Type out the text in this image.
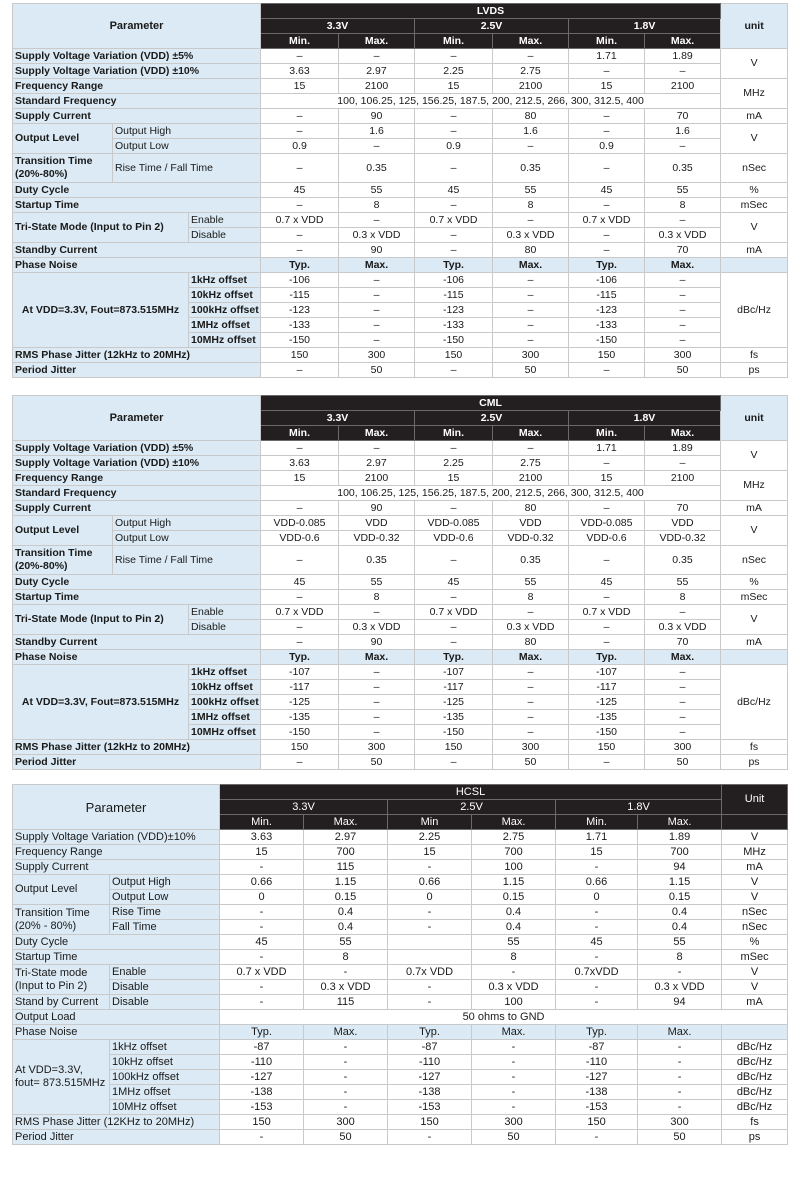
Parameter			LVDS						unit
			3.3V		2.5V		1.8V		
			Min.	Max.	Min.	Max.	Min.	Max.	
Supply Voltage Variation (VDD) ±5%			–	–	–	–	1.71	1.89	V
Supply Voltage Variation (VDD) ±10%			3.63	2.97	2.25	2.75	–	–	
Frequency Range			15	2100	15	2100	15	2100	MHz
Standard Frequency			100, 106.25, 125, 156.25, 187.5, 200, 212.5, 266, 300, 312.5, 400						
Supply Current			–	90	–	80	–	70	mA
Output Level	Output High		–	1.6	–	1.6	–	1.6	V
	Output Low		0.9	–	0.9	–	0.9	–	
Transition Time (20%-80%)	Rise Time / Fall Time		–	0.35	–	0.35	–	0.35	nSec
Duty Cycle			45	55	45	55	45	55	%
Startup Time			–	8	–	8	–	8	mSec
Tri-State Mode (Input to Pin 2)		Enable	0.7 x VDD	–	0.7 x VDD	–	0.7 x VDD	–	V
		Disable	–	0.3 x VDD	–	0.3 x VDD	–	0.3 x VDD	
Standby Current			–	90	–	80	–	70	mA
Phase Noise			Typ.	Max.	Typ.	Max.	Typ.	Max.	
At VDD=3.3V, Fout=873.515MHz		1kHz offset	-106	–	-106	–	-106	–	dBc/Hz
		10kHz offset	-115	–	-115	–	-115	–	
		100kHz offset	-123	–	-123	–	-123	–	
		1MHz offset	-133	–	-133	–	-133	–	
		10MHz offset	-150	–	-150	–	-150	–	
RMS Phase Jitter (12kHz to 20MHz)			150	300	150	300	150	300	fs
Period Jitter			–	50	–	50	–	50	ps
Parameter			CML						unit
			3.3V		2.5V		1.8V		
			Min.	Max.	Min.	Max.	Min.	Max.	
Supply Voltage Variation (VDD) ±5%			–	–	–	–	1.71	1.89	V
Supply Voltage Variation (VDD) ±10%			3.63	2.97	2.25	2.75	–	–	
Frequency Range			15	2100	15	2100	15	2100	MHz
Standard Frequency			100, 106.25, 125, 156.25, 187.5, 200, 212.5, 266, 300, 312.5, 400						
Supply Current			–	90	–	80	–	70	mA
Output Level	Output High		VDD-0.085	VDD	VDD-0.085	VDD	VDD-0.085	VDD	V
	Output Low		VDD-0.6	VDD-0.32	VDD-0.6	VDD-0.32	VDD-0.6	VDD-0.32	
Transition Time (20%-80%)	Rise Time / Fall Time		–	0.35	–	0.35	–	0.35	nSec
Duty Cycle			45	55	45	55	45	55	%
Startup Time			–	8	–	8	–	8	mSec
Tri-State Mode (Input to Pin 2)		Enable	0.7 x VDD	–	0.7 x VDD	–	0.7 x VDD	–	V
		Disable	–	0.3 x VDD	–	0.3 x VDD	–	0.3 x VDD	
Standby Current			–	90	–	80	–	70	mA
Phase Noise			Typ.	Max.	Typ.	Max.	Typ.	Max.	
At VDD=3.3V, Fout=873.515MHz		1kHz offset	-107	–	-107	–	-107	–	dBc/Hz
		10kHz offset	-117	–	-117	–	-117	–	
		100kHz offset	-125	–	-125	–	-125	–	
		1MHz offset	-135	–	-135	–	-135	–	
		10MHz offset	-150	–	-150	–	-150	–	
RMS Phase Jitter (12kHz to 20MHz)			150	300	150	300	150	300	fs
Period Jitter			–	50	–	50	–	50	ps
Parameter		HCSL						Unit
		3.3V		2.5V		1.8V		
		Min.	Max.	Min	Max.	Min.	Max.	
Supply Voltage Variation (VDD)±10%		3.63	2.97	2.25	2.75	1.71	1.89	V
Frequency Range		15	700	15	700	15	700	MHz
Supply Current		-	115	-	100	-	94	mA
Output Level	Output High	0.66	1.15	0.66	1.15	0.66	1.15	V
	Output Low	0	0.15	0	0.15	0	0.15	V
Transition Time (20% - 80%)	Rise Time	-	0.4	-	0.4	-	0.4	nSec
	Fall Time	-	0.4	-	0.4	-	0.4	nSec
Duty Cycle		45	55		55	45	55	%
Startup Time		-	8		8	-	8	mSec
Tri-State mode (Input to Pin 2)	Enable	0.7 x VDD	-	0.7x VDD	-	0.7xVDD	-	V
	Disable	-	0.3 x VDD	-	0.3 x VDD	-	0.3 x VDD	V
Stand by Current	Disable	-	115	-	100	-	94	mA
Output Load		50 ohms to GND						
Phase Noise		Typ.	Max.	Typ.	Max.	Typ.	Max.	
At VDD=3.3V, fout= 873.515MHz	1kHz offset	-87	-	-87	-	-87	-	dBc/Hz
	10kHz offset	-110	-	-110	-	-110	-	dBc/Hz
	100kHz offset	-127	-	-127	-	-127	-	dBc/Hz
	1MHz offset	-138	-	-138	-	-138	-	dBc/Hz
	10MHz offset	-153	-	-153	-	-153	-	dBc/Hz
RMS Phase Jitter (12KHz to 20MHz)		150	300	150	300	150	300	fs
Period Jitter		-	50	-	50	-	50	ps
